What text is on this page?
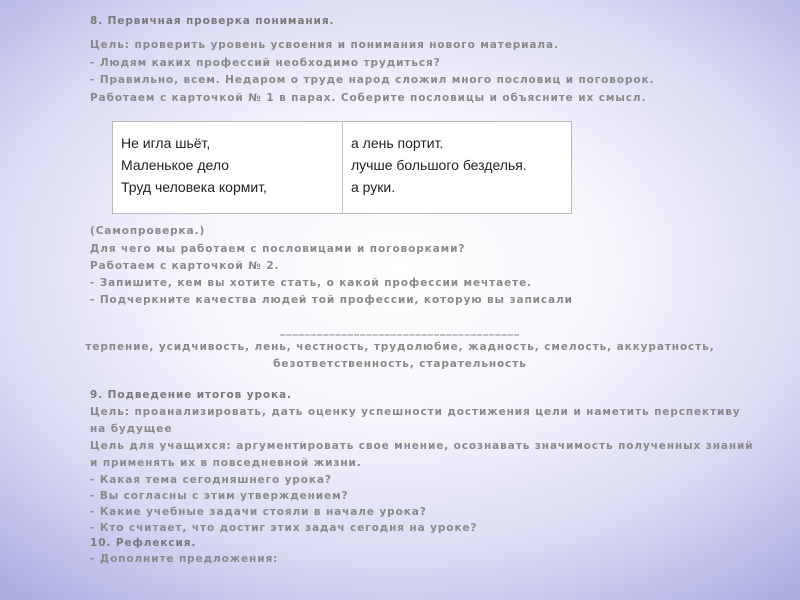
8. Первичная проверка понимания.
Цель: проверить уровень усвоения и понимания нового материала.
- Людям каких профессий необходимо трудиться?
- Правильно, всем. Недаром о труде народ сложил много пословиц и поговорок.
Работаем с карточкой № 1 в парах. Соберите пословицы и объясните их смысл.
Не игла шьёт,
Маленькое дело
Труд человека кормит,
а лень портит.
лучше большого безделья.
а руки.
(Самопроверка.)
Для чего мы работаем с пословицами и поговорками?
Работаем с карточкой № 2.
- Запишите, кем вы хотите стать, о какой профессии мечтаете.
- Подчеркните качества людей той профессии, которую вы записали
_______________________________________
терпение, усидчивость, лень, честность, трудолюбие, жадность, смелость, аккуратность,
безответственность, старательность
9. Подведение итогов урока.
Цель: проанализировать, дать оценку успешности достижения цели и наметить перспективу
на будущее
Цель для учащихся: аргументировать свое мнение, осознавать значимость полученных знаний
и применять их в повседневной жизни.
- Какая тема сегодняшнего урока?
- Вы согласны с этим утверждением?
- Какие учебные задачи стояли в начале урока?
- Кто считает, что достиг этих задач сегодня на уроке?
10. Рефлексия.
- Дополните предложения:
